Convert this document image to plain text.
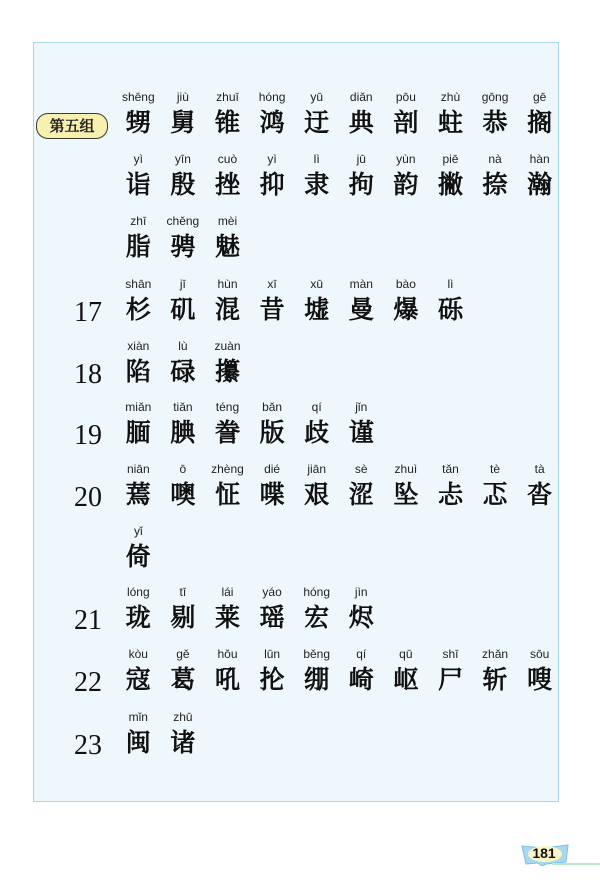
第五组
shēng
甥
jiù
舅
zhuī
锥
hóng
鸿
yū
迂
diǎn
典
pōu
剖
zhù
蛀
gōng
恭
gē
搁
yì
诣
yīn
殷
cuò
挫
yì
抑
lì
隶
jū
拘
yùn
韵
piē
撇
nà
捺
hàn
瀚
zhī
脂
chěng
骋
mèi
魅
17
shān
杉
jī
矶
hùn
混
xī
昔
xū
墟
màn
曼
bào
爆
lì
砾
18
xiàn
陷
lù
碌
zuàn
攥
19
miǎn
腼
tiǎn
腆
téng
誊
bǎn
版
qí
歧
jǐn
谨
20
niān
蔫
ō
噢
zhèng
怔
dié
喋
jiān
艰
sè
涩
zhuì
坠
tǎn
忐
tè
忑
tà
沓
yǐ
倚
21
lóng
珑
tī
剔
lái
莱
yáo
瑶
hóng
宏
jìn
烬
22
kòu
寇
gě
葛
hǒu
吼
lūn
抡
běng
绷
qí
崎
qū
岖
shī
尸
zhǎn
斩
sōu
嗖
23
mǐn
闽
zhū
诸
181
